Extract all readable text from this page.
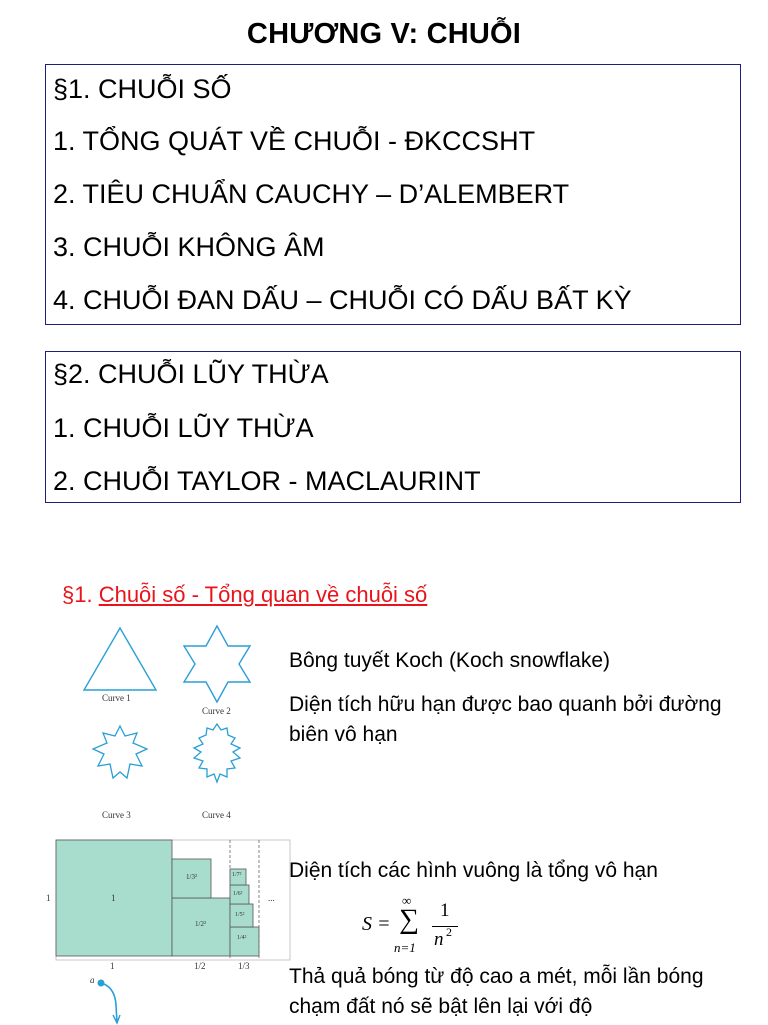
CHƯƠNG V: CHUỖI
§1. CHUỖI SỐ
1. TỔNG QUÁT VỀ CHUỖI - ĐKCCSHT
2. TIÊU CHUẨN CAUCHY – D’ALEMBERT
3. CHUỖI KHÔNG ÂM
4. CHUỖI ĐAN DẤU – CHUỖI CÓ DẤU BẤT KỲ
§2. CHUỖI LŨY THỪA
1. CHUỖI LŨY THỪA
2. CHUỖI TAYLOR - MACLAURINT
§1. Chuỗi số - Tổng quan về chuỗi số
Curve 1
Curve 2
Curve 3	Curve 4
Bông tuyết Koch (Koch snowflake)
Diện tích hữu hạn được bao quanh bởi đường biên vô hạn
1	1
1/3²
1/2²
1/4²
1/5²
1/6²
1/7²
1	1/2	1/3
...
Diện tích các hình vuông là tổng vô hạn
S =
∞
∑
n=1
1
n 2
a	Thả quả bóng từ độ cao a mét, mỗi lần bóng chạm đất nó sẽ bật lên lại với độ
